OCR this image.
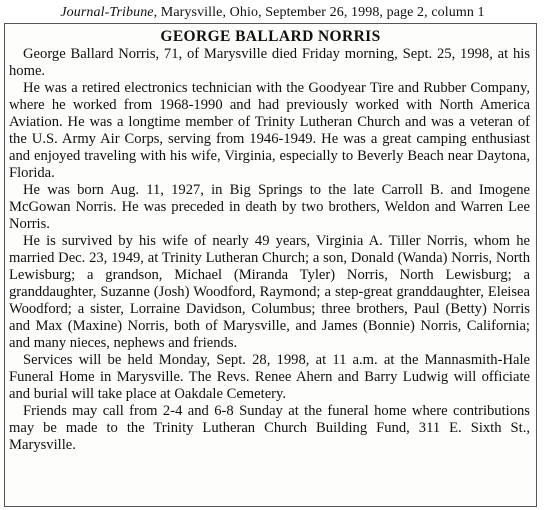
Journal-Tribune, Marysville, Ohio, September 26, 1998, page 2, column 1
GEORGE BALLARD NORRIS

George Ballard Norris, 71, of Marysville died Friday morning, Sept. 25, 1998, at his home.

He was a retired electronics technician with the Goodyear Tire and Rubber Company, where he worked from 1968-1990 and had previously worked with North America Aviation. He was a longtime member of Trinity Lutheran Church and was a veteran of the U.S. Army Air Corps, serving from 1946-1949. He was a great camping enthusiast and enjoyed traveling with his wife, Virginia, especially to Beverly Beach near Daytona, Florida.

He was born Aug. 11, 1927, in Big Springs to the late Carroll B. and Imogene McGowan Norris. He was preceded in death by two brothers, Weldon and Warren Lee Norris.

He is survived by his wife of nearly 49 years, Virginia A. Tiller Norris, whom he married Dec. 23, 1949, at Trinity Lutheran Church; a son, Donald (Wanda) Norris, North Lewisburg; a grandson, Michael (Miranda Tyler) Norris, North Lewisburg; a granddaughter, Suzanne (Josh) Woodford, Raymond; a step-great granddaughter, Eleisea Woodford; a sister, Lorraine Davidson, Columbus; three brothers, Paul (Betty) Norris and Max (Maxine) Norris, both of Marysville, and James (Bonnie) Norris, California; and many nieces, nephews and friends.

Services will be held Monday, Sept. 28, 1998, at 11 a.m. at the Mannasmith-Hale Funeral Home in Marysville. The Revs. Renee Ahern and Barry Ludwig will officiate and burial will take place at Oakdale Cemetery.

Friends may call from 2-4 and 6-8 Sunday at the funeral home where contributions may be made to the Trinity Lutheran Church Building Fund, 311 E. Sixth St., Marysville.
